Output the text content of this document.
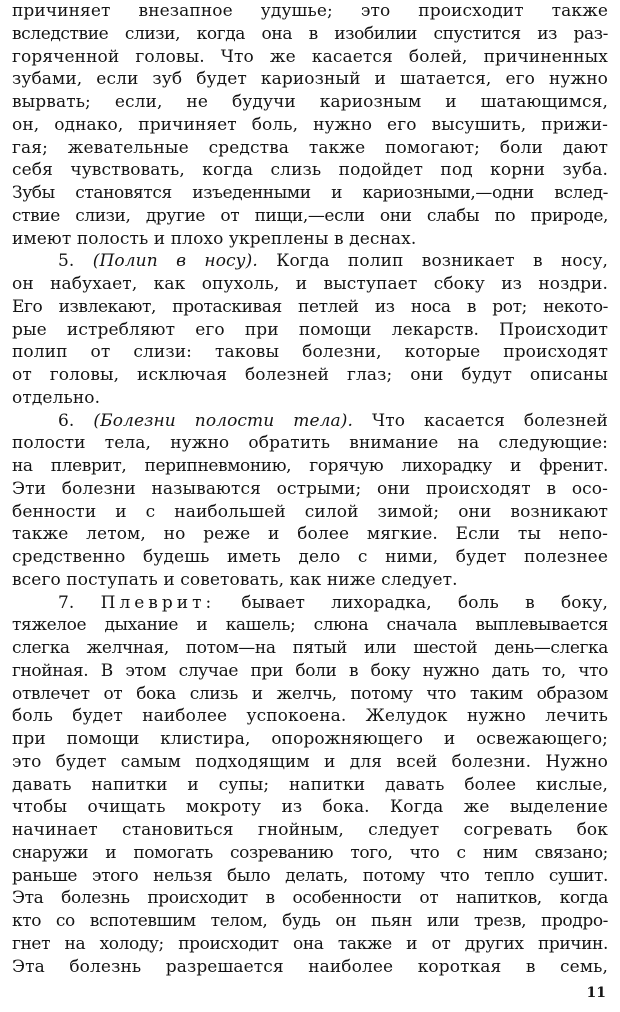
причиняет внезапное удушье; это происходит также
вследствие слизи, когда она в изобилии спустится из раз-
горяченной головы. Что же касается болей, причиненных
зубами, если зуб будет кариозный и шатается, его нужно
вырвать; если, не будучи кариозным и шатающимся,
он, однако, причиняет боль, нужно его высушить, прижи-
гая; жевательные средства также помогают; боли дают
себя чувствовать, когда слизь подойдет под корни зуба.
Зубы становятся изъеденными и кариозными,—одни вслед-
ствие слизи, другие от пищи,—если они слабы по природе,
имеют полость и плохо укреплены в деснах.
5. (Полип в носу). Когда полип возникает в носу,
он набухает, как опухоль, и выступает сбоку из ноздри.
Его извлекают, протаскивая петлей из носа в рот; некото-
рые истребляют его при помощи лекарств. Происходит
полип от слизи: таковы болезни, которые происходят
от головы, исключая болезней глаз; они будут описаны
отдельно.
6. (Болезни полости тела). Что касается болезней
полости тела, нужно обратить внимание на следующие:
на плеврит, перипневмонию, горячую лихорадку и френит.
Эти болезни называются острыми; они происходят в осо-
бенности и с наибольшей силой зимой; они возникают
также летом, но реже и более мягкие. Если ты непо-
средственно будешь иметь дело с ними, будет полезнее
всего поступать и советовать, как ниже следует.
7. Плеврит: бывает лихорадка, боль в боку,
тяжелое дыхание и кашель; слюна сначала выплевывается
слегка желчная, потом—на пятый или шестой день—слегка
гнойная. В этом случае при боли в боку нужно дать то, что
отвлечет от бока слизь и желчь, потому что таким образом
боль будет наиболее успокоена. Желудок нужно лечить
при помощи клистира, опорожняющего и освежающего;
это будет самым подходящим и для всей болезни. Нужно
давать напитки и супы; напитки давать более кислые,
чтобы очищать мокроту из бока. Когда же выделение
начинает становиться гнойным, следует согревать бок
снаружи и помогать созреванию того, что с ним связано;
раньше этого нельзя было делать, потому что тепло сушит.
Эта болезнь происходит в особенности от напитков, когда
кто со вспотевшим телом, будь он пьян или трезв, продро-
гнет на холоду; происходит она также и от других причин.
Эта болезнь разрешается наиболее короткая в семь,
11
